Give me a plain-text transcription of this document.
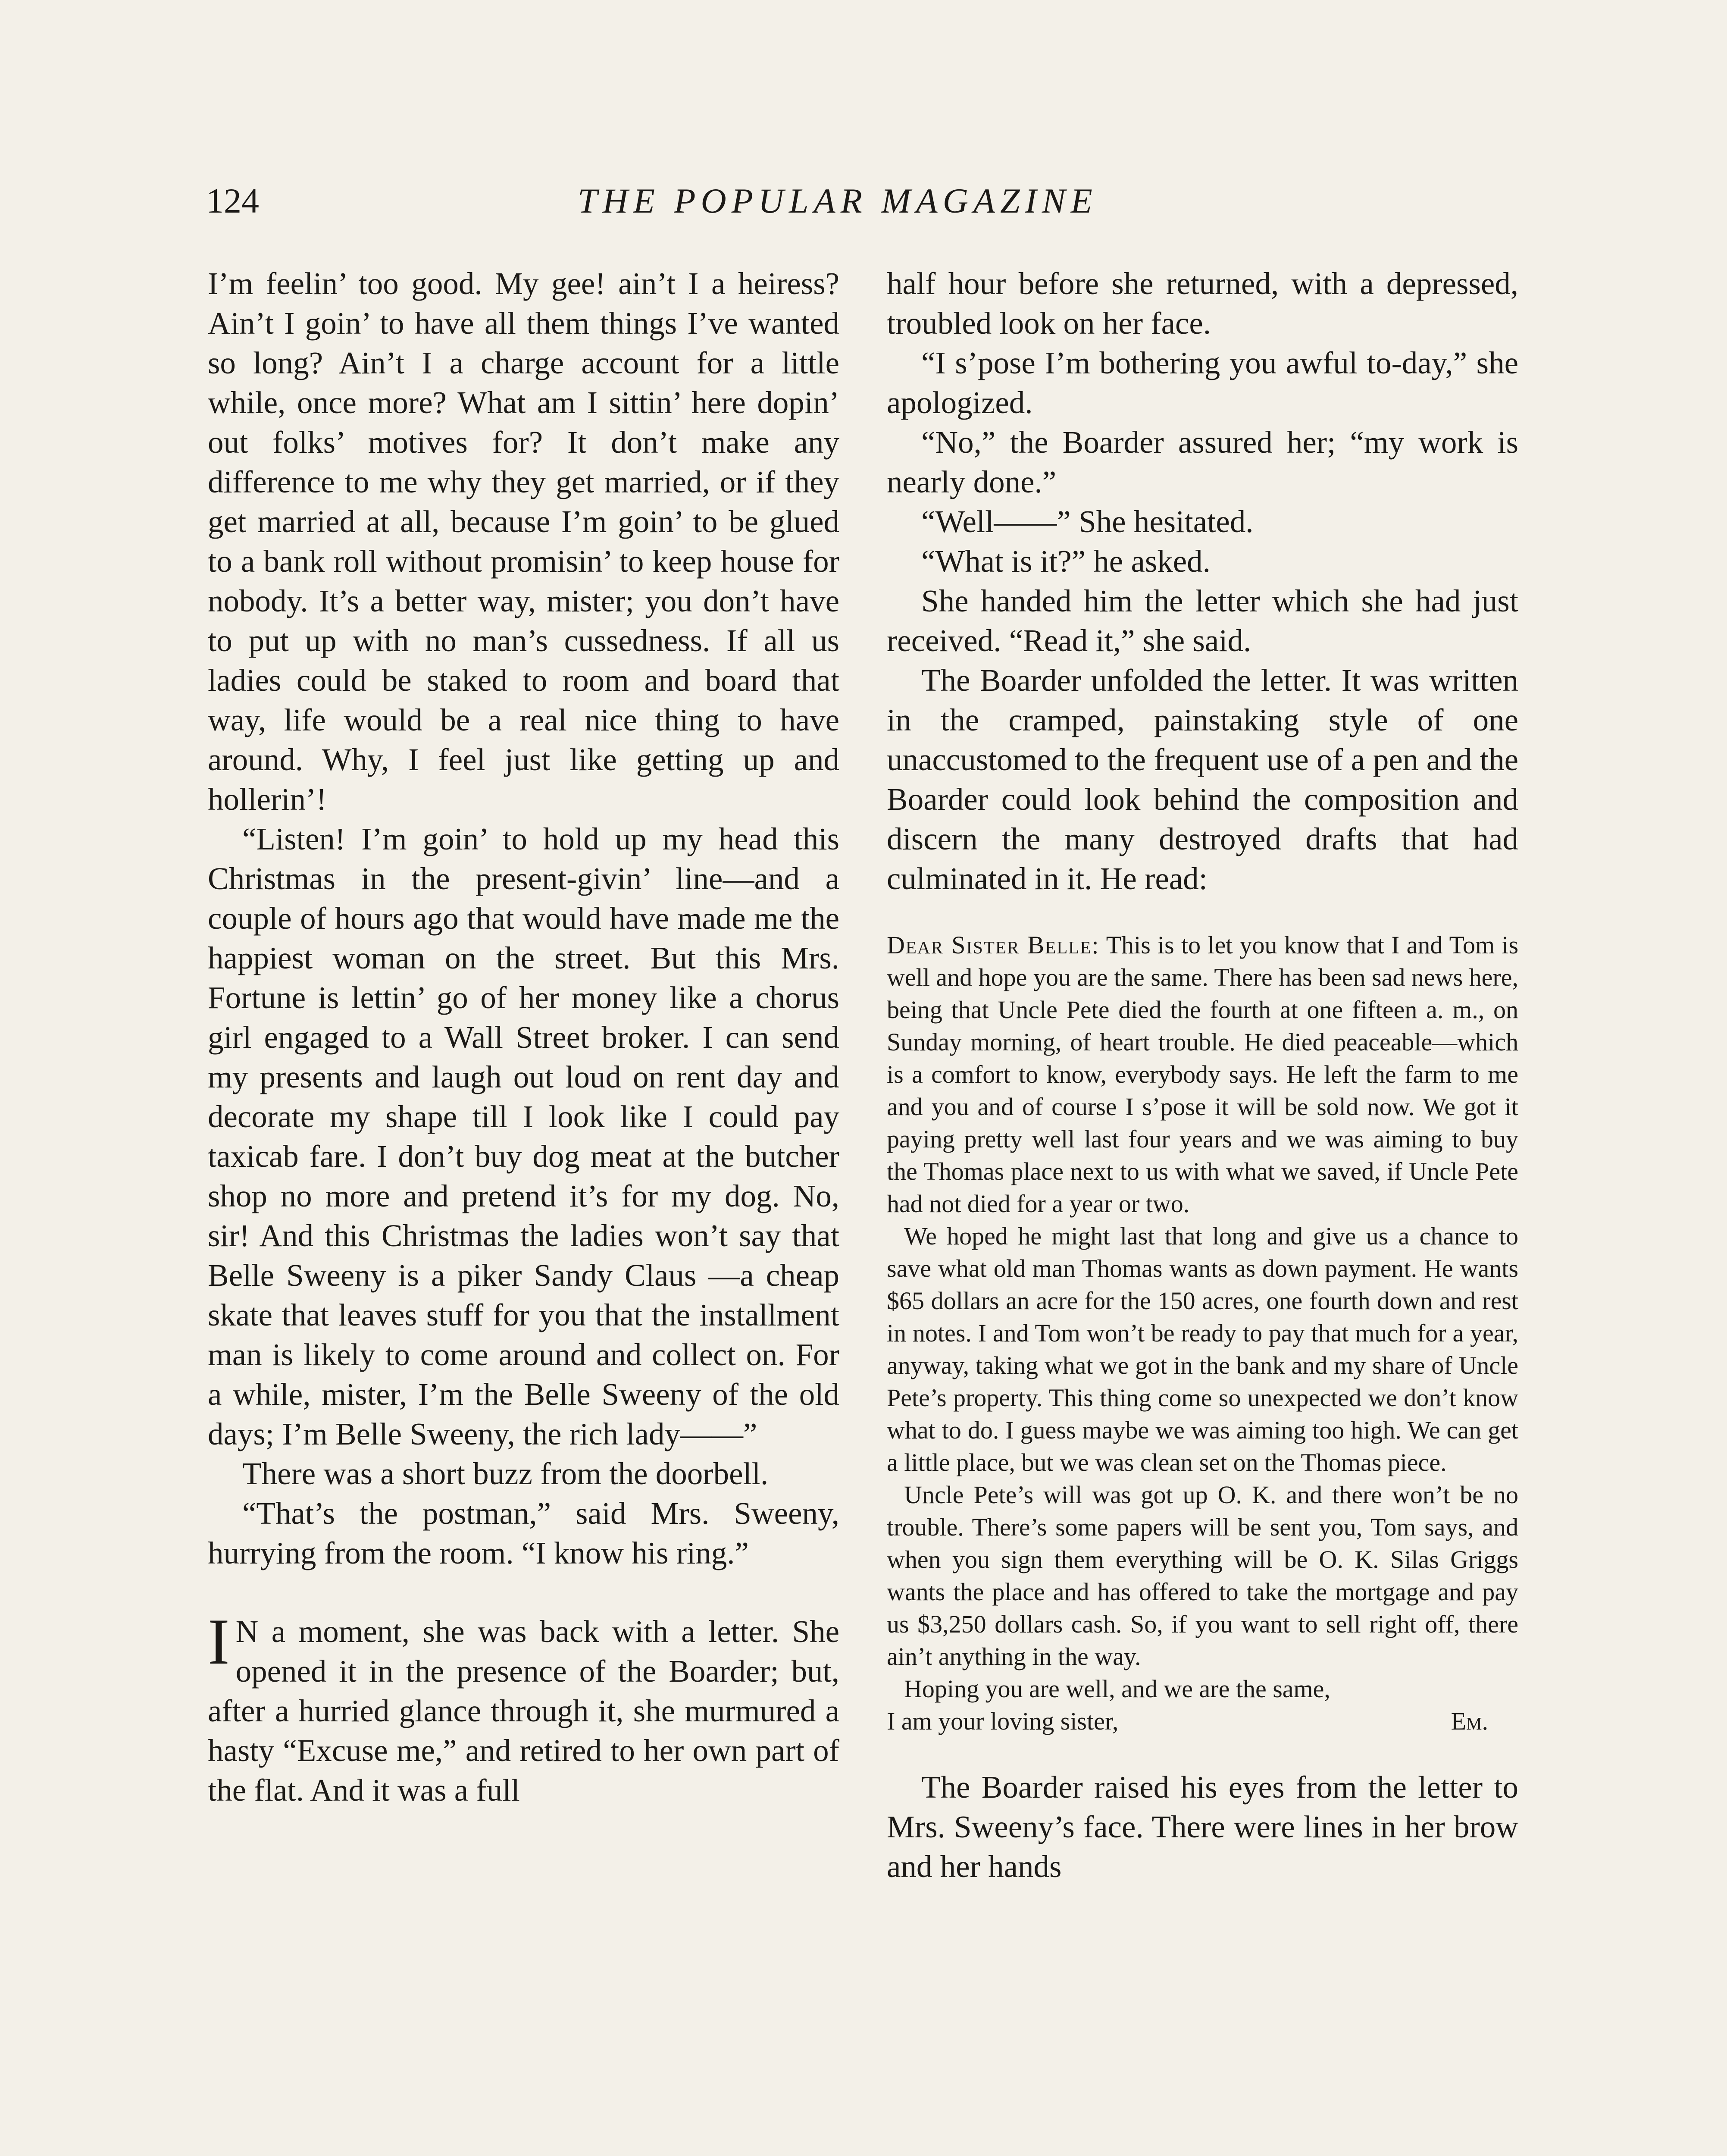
124	THE POPULAR MAGAZINE

I’m feelin’ too good. My gee! ain’t I a heiress? Ain’t I goin’ to have all them things I’ve wanted so long? Ain’t I a charge account for a little while, once more? What am I sittin’ here dopin’ out folks’ motives for? It don’t make any difference to me why they get married, or if they get married at all, because I’m goin’ to be glued to a bank roll without promisin’ to keep house for nobody. It’s a better way, mister; you don’t have to put up with no man’s cussedness. If all us ladies could be staked to room and board that way, life would be a real nice thing to have around. Why, I feel just like getting up and hollerin’!

“Listen! I’m goin’ to hold up my head this Christmas in the present-givin’ line—and a couple of hours ago that would have made me the happiest woman on the street. But this Mrs. Fortune is lettin’ go of her money like a chorus girl engaged to a Wall Street broker. I can send my presents and laugh out loud on rent day and decorate my shape till I look like I could pay taxicab fare. I don’t buy dog meat at the butcher shop no more and pretend it’s for my dog. No, sir! And this Christmas the ladies won’t say that Belle Sweeny is a piker Sandy Claus —a cheap skate that leaves stuff for you that the installment man is likely to come around and collect on. For a while, mister, I’m the Belle Sweeny of the old days; I’m Belle Sweeny, the rich lady——”

There was a short buzz from the doorbell.

“That’s the postman,” said Mrs. Sweeny, hurrying from the room. “I know his ring.”

I N a moment, she was back with a letter. She opened it in the presence of the Boarder; but, after a hurried glance through it, she murmured a hasty “Excuse me,” and retired to her own part of the flat. And it was a full

half hour before she returned, with a depressed, troubled look on her face.

“I s’pose I’m bothering you awful to-day,” she apologized.

“No,” the Boarder assured her; “my work is nearly done.”

“Well——” She hesitated.

“What is it?” he asked.

She handed him the letter which she had just received. “Read it,” she said.

The Boarder unfolded the letter. It was written in the cramped, painstaking style of one unaccustomed to the frequent use of a pen and the Boarder could look behind the composition and discern the many destroyed drafts that had culminated in it. He read:

Dear Sister Belle: This is to let you know that I and Tom is well and hope you are the same. There has been sad news here, being that Uncle Pete died the fourth at one fifteen a. m., on Sunday morning, of heart trouble. He died peaceable—which is a comfort to know, everybody says. He left the farm to me and you and of course I s’pose it will be sold now. We got it paying pretty well last four years and we was aiming to buy the Thomas place next to us with what we saved, if Uncle Pete had not died for a year or two.

We hoped he might last that long and give us a chance to save what old man Thomas wants as down payment. He wants $65 dollars an acre for the 150 acres, one fourth down and rest in notes. I and Tom won’t be ready to pay that much for a year, anyway, taking what we got in the bank and my share of Uncle Pete’s property. This thing come so unexpected we don’t know what to do. I guess maybe we was aiming too high. We can get a little place, but we was clean set on the Thomas piece.

Uncle Pete’s will was got up O. K. and there won’t be no trouble. There’s some papers will be sent you, Tom says, and when you sign them everything will be O. K. Silas Griggs wants the place and has offered to take the mortgage and pay us $3,250 dollars cash. So, if you want to sell right off, there ain’t anything in the way.

Hoping you are well, and we are the same,

I am your loving sister,	Em.

The Boarder raised his eyes from the letter to Mrs. Sweeny’s face. There were lines in her brow and her hands
